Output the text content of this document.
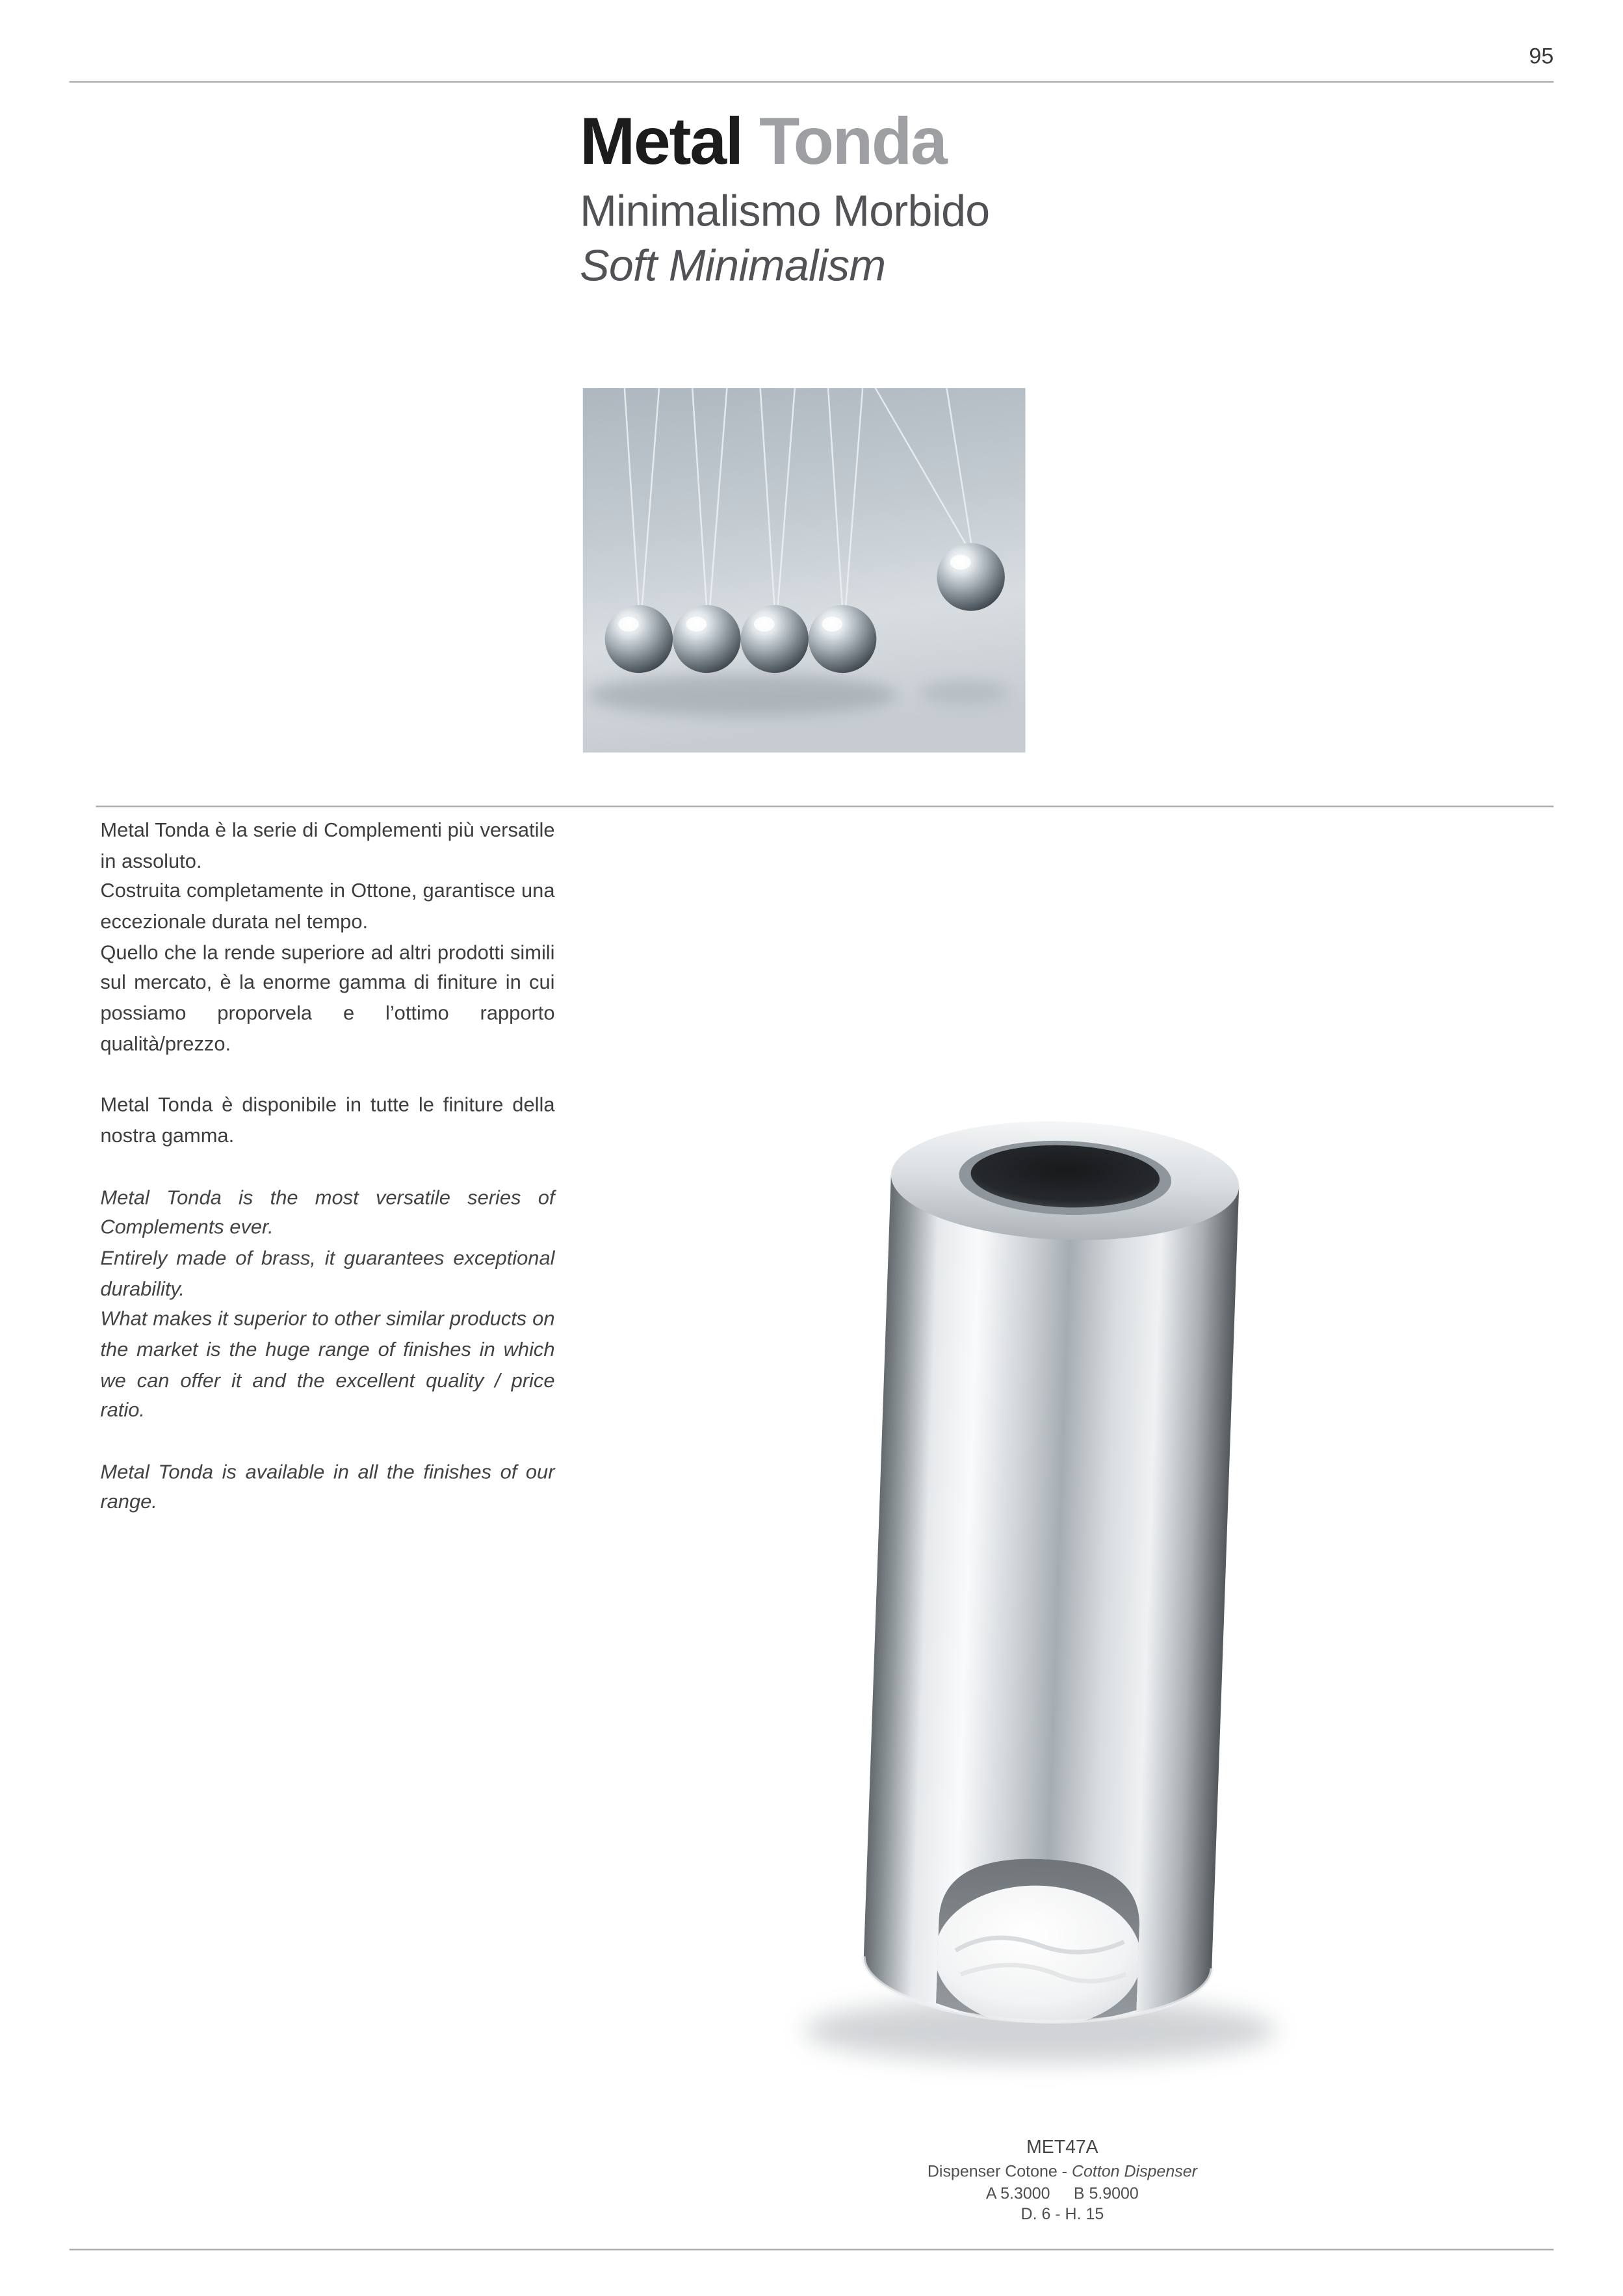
95
Metal Tonda
Minimalismo Morbido
Soft Minimalism

Metal Tonda è la serie di Complementi più versatile in assoluto.

Costruita completamente in Ottone, garantisce una eccezionale durata nel tempo.

Quello che la rende superiore ad altri prodotti simili sul mercato, è la enorme gamma di finiture in cui possiamo proporvela e l’ottimo rapporto qualità/prezzo.

Metal Tonda è disponibile in tutte le finiture della nostra gamma.

Metal Tonda is the most versatile series of Complements ever.

Entirely made of brass, it guarantees exceptional durability.

What makes it superior to other similar products on the market is the huge range of finishes in which we can offer it and the excellent quality / price ratio.

Metal Tonda is available in all the finishes of our range.

MET47A
Dispenser Cotone - Cotton Dispenser
A 5.3000	B 5.9000
D. 6 - H. 15
